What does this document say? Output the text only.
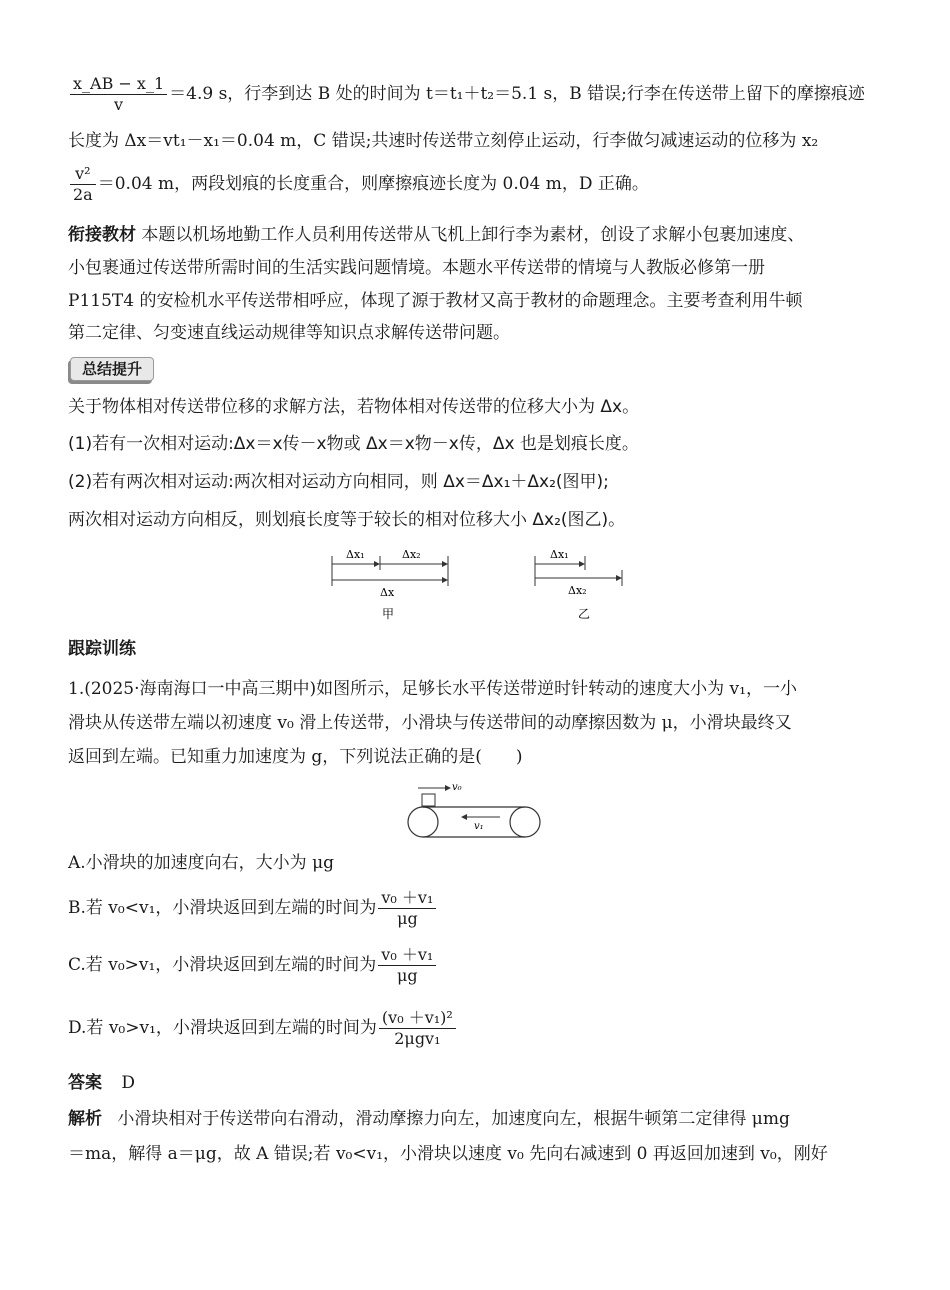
$\frac{x\_AB - x\_1}{v} =4.9$ s，行李到达 B 处的时间为 t＝t₁＋t₂＝5.1 s，B 错误;行李在传送带上留下的摩擦痕迹
长度为 Δx＝vt₁－x₁＝0.04 m，C 错误;共速时传送带立刻停止运动，行李做匀减速运动的位移为 x₂
$\frac{\text{v²}}{2a} =0.04$ m，两段划痕的长度重合，则摩擦痕迹长度为 0.04 m，D 正确。
衔接教材 本题以机场地勤工作人员利用传送带从飞机上卸行李为素材，创设了求解小包裹加速度、
小包裹通过传送带所需时间的生活实践问题情境。本题水平传送带的情境与人教版必修第一册
P115T4 的安检机水平传送带相呼应，体现了源于教材又高于教材的命题理念。主要考查利用牛顿
第二定律、匀变速直线运动规律等知识点求解传送带问题。
总结提升
关于物体相对传送带位移的求解方法，若物体相对传送带的位移大小为 Δx。
(1)若有一次相对运动:Δx＝x传－x物或 Δx＝x物－x传，Δx 也是划痕长度。
(2)若有两次相对运动:两次相对运动方向相同，则 Δx＝Δx₁＋Δx₂(图甲);
两次相对运动方向相反，则划痕长度等于较长的相对位移大小 Δx₂(图乙)。
Δx₁	Δx₂
Δx
甲
Δx₁
Δx₂
乙
跟踪训练
1.(2025·海南海口一中高三期中)如图所示，足够长水平传送带逆时针转动的速度大小为 v₁，一小
滑块从传送带左端以初速度 v₀ 滑上传送带，小滑块与传送带间的动摩擦因数为 μ，小滑块最终又
返回到左端。已知重力加速度为 g，下列说法正确的是(　　)
v₀
v₁
A.小滑块的加速度向右，大小为 μg
B.若 v₀<v₁，小滑块返回到左端的时间为 $\frac{\text{v₀ ＋v₁}}{\mu g}$
C.若 v₀>v₁，小滑块返回到左端的时间为 $\frac{\text{v₀ ＋v₁}}{\mu g}$
D.若 v₀>v₁，小滑块返回到左端的时间为 $\frac{\text{(v₀ ＋v₁)²}}{\text{2μgv₁}}$
答案 D
解析 小滑块相对于传送带向右滑动，滑动摩擦力向左，加速度向左，根据牛顿第二定律得 μmg
＝ma，解得 a＝μg，故 A 错误;若 v₀<v₁，小滑块以速度 v₀ 先向右减速到 0 再返回加速到 v₀，刚好
